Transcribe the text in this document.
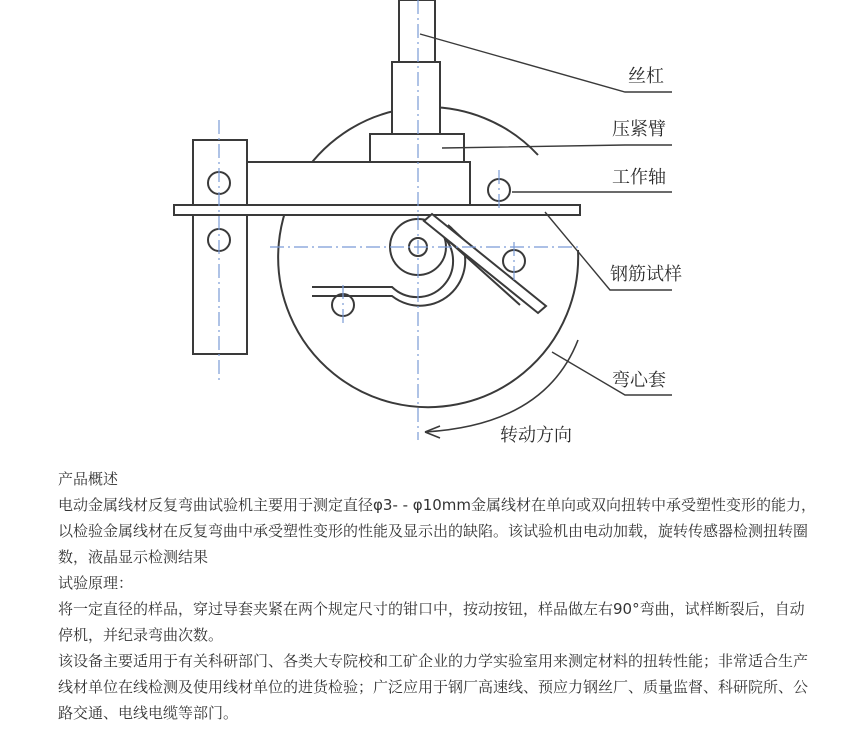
丝杠
压紧臂
工作轴
钢筋试样
弯心套
转动方向

产品概述

电动金属线材反复弯曲试验机主要用于测定直径φ3- - φ10mm金属线材在单向或双向扭转中承受塑性变形的能力，以检验金属线材在反复弯曲中承受塑性变形的性能及显示出的缺陷。该试验机由电动加载，旋转传感器检测扭转圈数，液晶显示检测结果

试验原理：

将一定直径的样品，穿过导套夹紧在两个规定尺寸的钳口中，按动按钮，样品做左右90°弯曲，试样断裂后，自动停机，并纪录弯曲次数。

该设备主要适用于有关科研部门、各类大专院校和工矿企业的力学实验室用来测定材料的扭转性能；非常适合生产线材单位在线检测及使用线材单位的进货检验；广泛应用于钢厂高速线、预应力钢丝厂、质量监督、科研院所、公路交通、电线电缆等部门。
